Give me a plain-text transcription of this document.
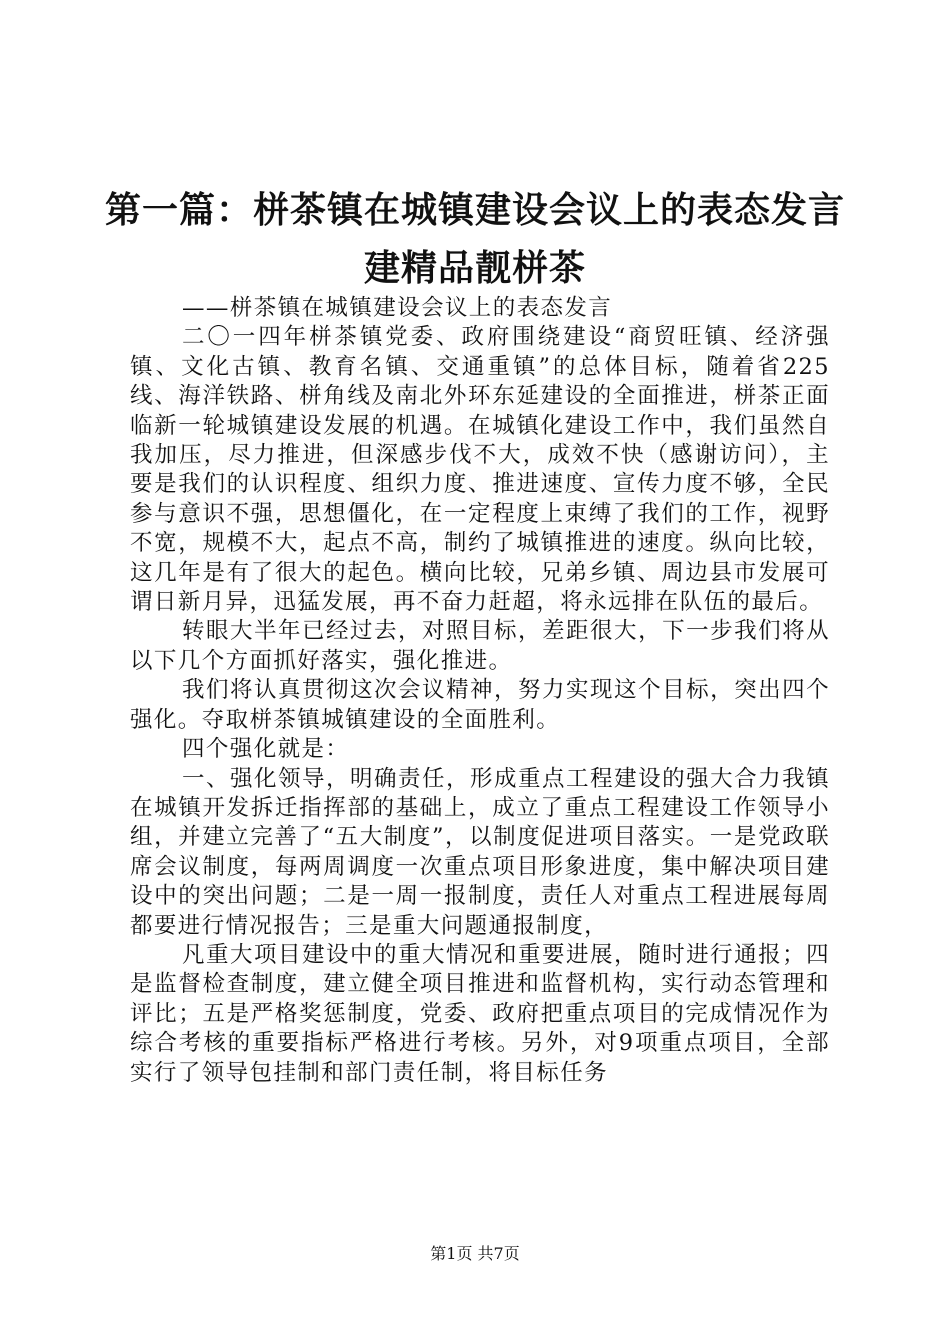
第一篇：栟茶镇在城镇建设会议上的表态发言
建精品靓栟茶

——栟茶镇在城镇建设会议上的表态发言

二〇一四年栟茶镇党委、政府围绕建设“商贸旺镇、经济强镇、文化古镇、教育名镇、交通重镇”的总体目标，随着省225线、海洋铁路、栟角线及南北外环东延建设的全面推进，栟茶正面临新一轮城镇建设发展的机遇。在城镇化建设工作中，我们虽然自我加压，尽力推进，但深感步伐不大，成效不快（感谢访问），主要是我们的认识程度、组织力度、推进速度、宣传力度不够，全民参与意识不强，思想僵化，在一定程度上束缚了我们的工作，视野不宽，规模不大，起点不高，制约了城镇推进的速度。纵向比较，这几年是有了很大的起色。横向比较，兄弟乡镇、周边县市发展可谓日新月异，迅猛发展，再不奋力赶超，将永远排在队伍的最后。

转眼大半年已经过去，对照目标，差距很大，下一步我们将从以下几个方面抓好落实，强化推进。

我们将认真贯彻这次会议精神，努力实现这个目标，突出四个强化。夺取栟茶镇城镇建设的全面胜利。

四个强化就是：

一、强化领导，明确责任，形成重点工程建设的强大合力我镇在城镇开发拆迁指挥部的基础上，成立了重点工程建设工作领导小组，并建立完善了“五大制度”，以制度促进项目落实。一是党政联席会议制度，每两周调度一次重点项目形象进度，集中解决项目建设中的突出问题；二是一周一报制度，责任人对重点工程进展每周都要进行情况报告；三是重大问题通报制度，

凡重大项目建设中的重大情况和重要进展，随时进行通报；四是监督检查制度，建立健全项目推进和监督机构，实行动态管理和评比；五是严格奖惩制度，党委、政府把重点项目的完成情况作为综合考核的重要指标严格进行考核。另外，对9项重点项目，全部实行了领导包挂制和部门责任制，将目标任务

第1页 共7页
